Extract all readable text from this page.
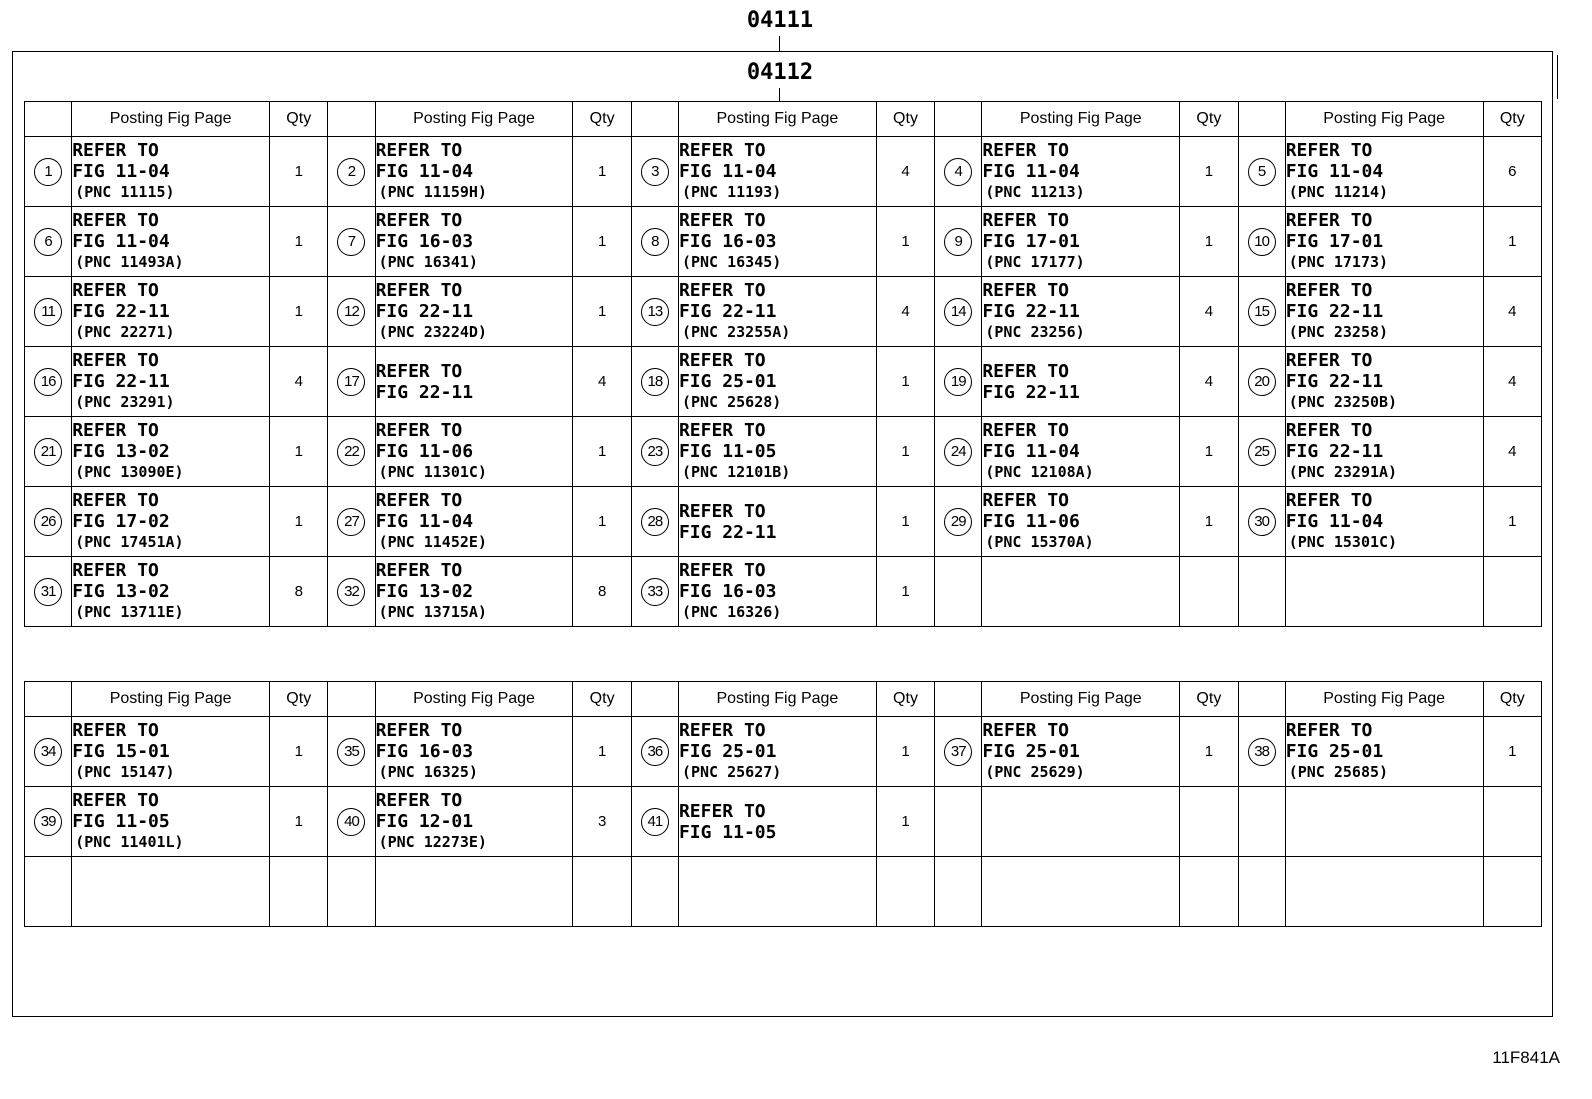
04111
04112
	Posting Fig Page	Qty		Posting Fig Page	Qty		Posting Fig Page	Qty		Posting Fig Page	Qty		Posting Fig Page	Qty
1	REFER TO
FIG 11-04
(PNC 11115)	1	2	REFER TO
FIG 11-04
(PNC 11159H)	1	3	REFER TO
FIG 11-04
(PNC 11193)	4	4	REFER TO
FIG 11-04
(PNC 11213)	1	5	REFER TO
FIG 11-04
(PNC 11214)	6
6	REFER TO
FIG 11-04
(PNC 11493A)	1	7	REFER TO
FIG 16-03
(PNC 16341)	1	8	REFER TO
FIG 16-03
(PNC 16345)	1	9	REFER TO
FIG 17-01
(PNC 17177)	1	10	REFER TO
FIG 17-01
(PNC 17173)	1
11	REFER TO
FIG 22-11
(PNC 22271)	1	12	REFER TO
FIG 22-11
(PNC 23224D)	1	13	REFER TO
FIG 22-11
(PNC 23255A)	4	14	REFER TO
FIG 22-11
(PNC 23256)	4	15	REFER TO
FIG 22-11
(PNC 23258)	4
16	REFER TO
FIG 22-11
(PNC 23291)	4	17	REFER TO
FIG 22-11	4	18	REFER TO
FIG 25-01
(PNC 25628)	1	19	REFER TO
FIG 22-11	4	20	REFER TO
FIG 22-11
(PNC 23250B)	4
21	REFER TO
FIG 13-02
(PNC 13090E)	1	22	REFER TO
FIG 11-06
(PNC 11301C)	1	23	REFER TO
FIG 11-05
(PNC 12101B)	1	24	REFER TO
FIG 11-04
(PNC 12108A)	1	25	REFER TO
FIG 22-11
(PNC 23291A)	4
26	REFER TO
FIG 17-02
(PNC 17451A)	1	27	REFER TO
FIG 11-04
(PNC 11452E)	1	28	REFER TO
FIG 22-11	1	29	REFER TO
FIG 11-06
(PNC 15370A)	1	30	REFER TO
FIG 11-04
(PNC 15301C)	1
31	REFER TO
FIG 13-02
(PNC 13711E)	8	32	REFER TO
FIG 13-02
(PNC 13715A)	8	33	REFER TO
FIG 16-03
(PNC 16326)	1						
	Posting Fig Page	Qty		Posting Fig Page	Qty		Posting Fig Page	Qty		Posting Fig Page	Qty		Posting Fig Page	Qty
34	REFER TO
FIG 15-01
(PNC 15147)	1	35	REFER TO
FIG 16-03
(PNC 16325)	1	36	REFER TO
FIG 25-01
(PNC 25627)	1	37	REFER TO
FIG 25-01
(PNC 25629)	1	38	REFER TO
FIG 25-01
(PNC 25685)	1
39	REFER TO
FIG 11-05
(PNC 11401L)	1	40	REFER TO
FIG 12-01
(PNC 12273E)	3	41	REFER TO
FIG 11-05	1						

11F841A
